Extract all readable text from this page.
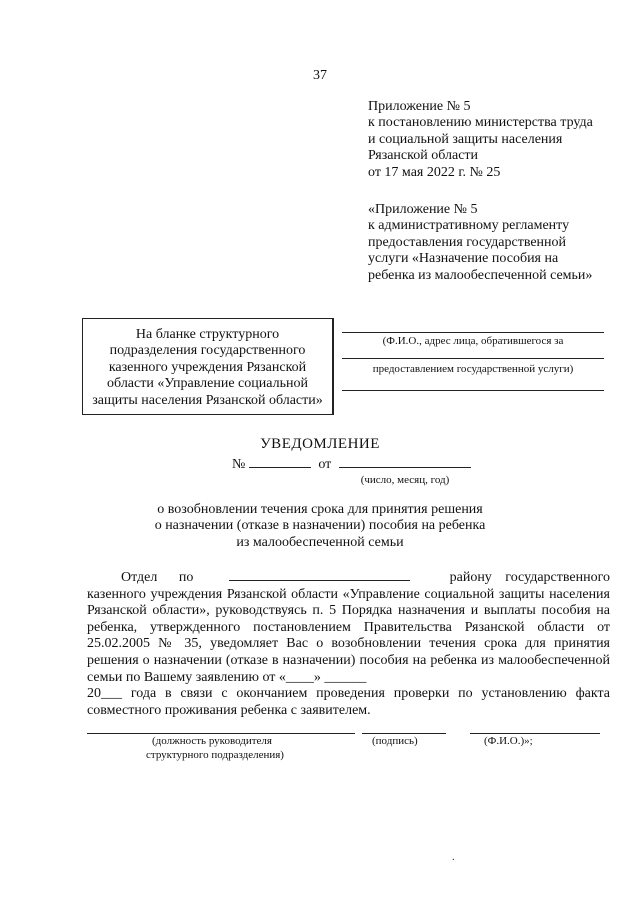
37
Приложение № 5
к постановлению министерства труда
и социальной защиты населения
Рязанской области
от 17 мая 2022 г. № 25
«Приложение № 5
к административному регламенту
предоставления государственной
услуги «Назначение пособия на
ребенка из малообеспеченной семьи»
На бланке структурного
подразделения государственного
казенного учреждения Рязанской
области «Управление социальной
защиты населения Рязанской области»
(Ф.И.О., адрес лица, обратившегося за
предоставлением государственной услуги)
УВЕДОМЛЕНИЕ
№	от
(число, месяц, год)
о возобновлении течения срока для принятия решения
о назначении (отказе в назначении) пособия на ребенка
из малообеспеченной семьи
Отдел по	району государственного
казенного учреждения Рязанской области «Управление социальной защиты населения Рязанской области», руководствуясь п. 5 Порядка назначения и выплаты пособия на ребенка, утвержденного постановлением Правительства Рязанской области от 25.02.2005 № 35, уведомляет Вас о возобновлении течения срока для принятия решения о назначении (отказе в назначении) пособия на ребенка из малообеспеченной семьи по Вашему заявлению от «____» ______
20___ года в связи с окончанием проведения проверки по установлению факта совместного проживания ребенка с заявителем.
(должность руководителя
структурного подразделения)
(подпись)	(Ф.И.О.)»;
.
